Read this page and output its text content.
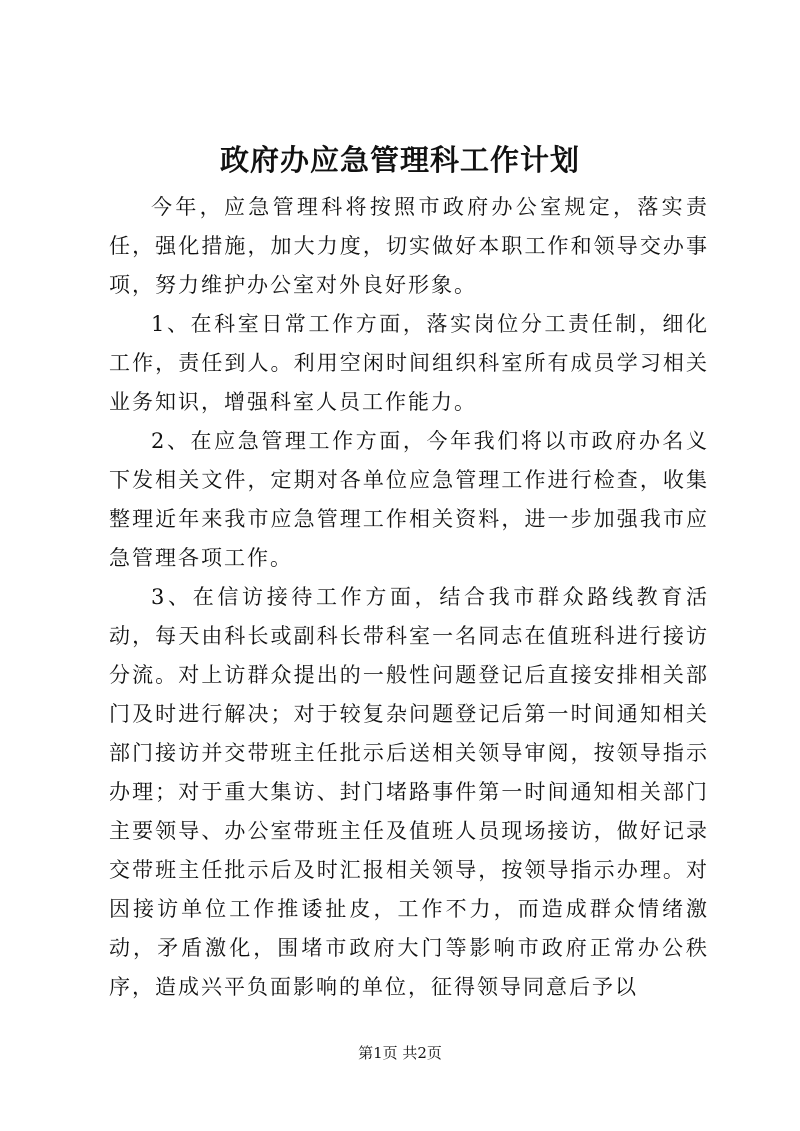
政府办应急管理科工作计划

今年，应急管理科将按照市政府办公室规定，落实责任，强化措施，加大力度，切实做好本职工作和领导交办事项，努力维护办公室对外良好形象。

1、在科室日常工作方面，落实岗位分工责任制，细化工作，责任到人。利用空闲时间组织科室所有成员学习相关业务知识，增强科室人员工作能力。

2、在应急管理工作方面，今年我们将以市政府办名义下发相关文件，定期对各单位应急管理工作进行检查，收集整理近年来我市应急管理工作相关资料，进一步加强我市应急管理各项工作。

3、在信访接待工作方面，结合我市群众路线教育活动，每天由科长或副科长带科室一名同志在值班科进行接访分流。对上访群众提出的一般性问题登记后直接安排相关部门及时进行解决；对于较复杂问题登记后第一时间通知相关部门接访并交带班主任批示后送相关领导审阅，按领导指示办理；对于重大集访、封门堵路事件第一时间通知相关部门主要领导、办公室带班主任及值班人员现场接访，做好记录交带班主任批示后及时汇报相关领导，按领导指示办理。对因接访单位工作推诿扯皮，工作不力，而造成群众情绪激动，矛盾激化，围堵市政府大门等影响市政府正常办公秩序，造成兴平负面影响的单位，征得领导同意后予以

第1页 共2页
